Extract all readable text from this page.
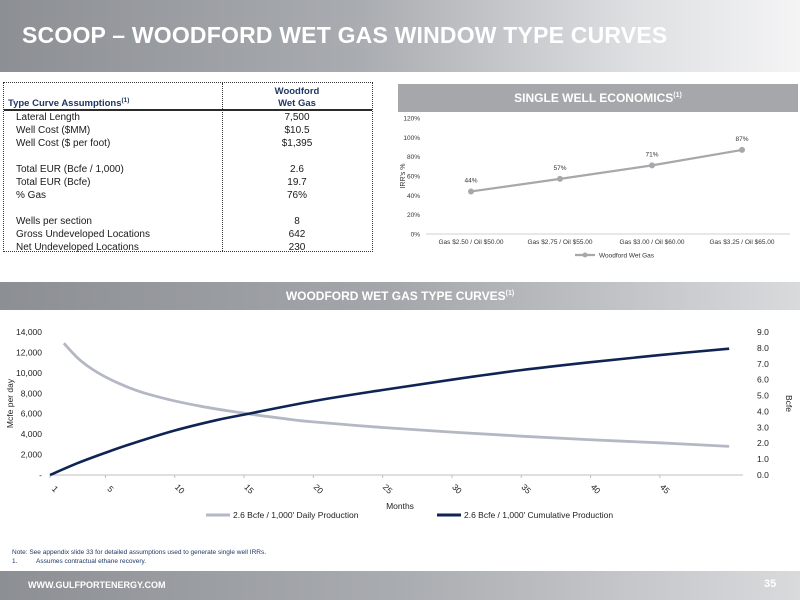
SCOOP – WOODFORD WET GAS WINDOW TYPE CURVES
Type Curve Assumptions$^{(1)}$
Woodford
Wet Gas
Lateral Length	7,500
Well Cost ($MM)	$10.5
Well Cost ($ per foot)	$1,395
Total EUR (Bcfe / 1,000)	2.6
Total EUR (Bcfe)	19.7
% Gas	76%
Wells per section	8
Gross Undeveloped Locations	642
Net Undeveloped Locations	230
SINGLE WELL ECONOMICS$^{(1)}$
0%
20%
40%
60%
80%
100%
120%
IRR's %
Gas $2.50 / Oil $50.00	Gas $2.75 / Oil $55.00	Gas $3.00 / Oil $60.00	Gas $3.25 / Oil $65.00
44%
57%
71%
87%
Woodford Wet Gas
WOODFORD WET GAS TYPE CURVES$^{(1)}$
-
2,000
4,000
6,000
8,000
10,000
12,000
14,000
0.0
1.0
2.0
3.0
4.0
5.0
6.0
7.0
8.0
9.0
Mcfe per day	Bcfe
1	5	10	15	20	25	30	35	40	45
Months
2.6 Bcfe / 1,000' Daily Production	2.6 Bcfe / 1,000' Cumulative Production
Note: See appendix slide 33 for detailed assumptions used to generate single well IRRs.
1.	Assumes contractual ethane recovery.
WWW.GULFPORTENERGY.COM	35
